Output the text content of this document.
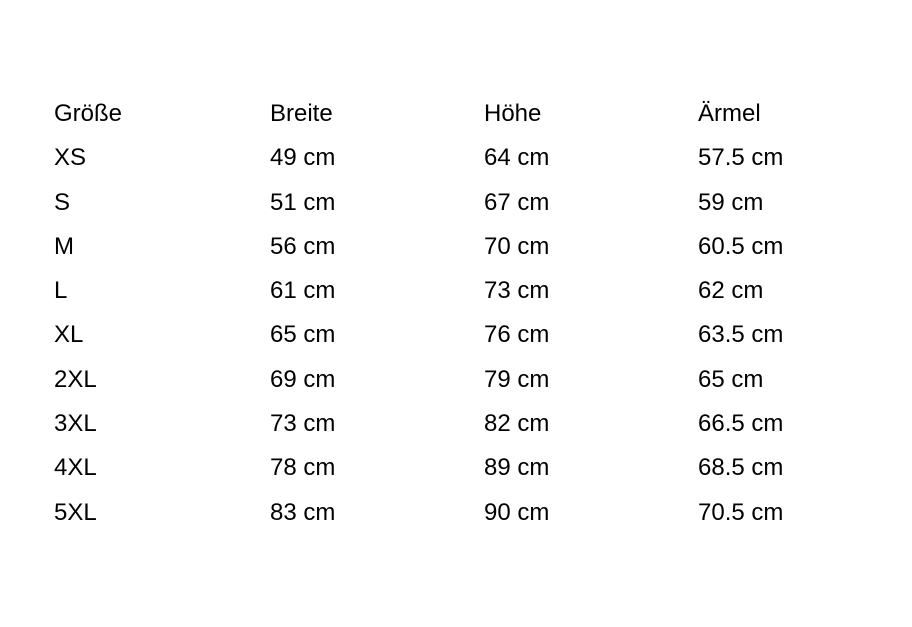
Größe	Breite	Höhe	Ärmel
XS	49 cm	64 cm	57.5 cm
S	51 cm	67 cm	59 cm
M	56 cm	70 cm	60.5 cm
L	61 cm	73 cm	62 cm
XL	65 cm	76 cm	63.5 cm
2XL	69 cm	79 cm	65 cm
3XL	73 cm	82 cm	66.5 cm
4XL	78 cm	89 cm	68.5 cm
5XL	83 cm	90 cm	70.5 cm
